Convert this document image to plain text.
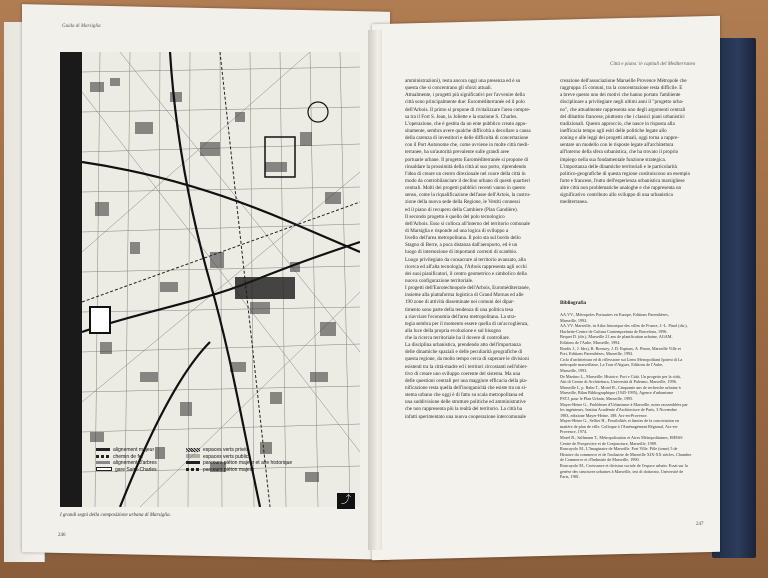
Guida di Marsiglia
alignement majeur
chemin de fer
alignement d'arbres
gare Saint-Charles
espaces verts privés
espaces verts publics
parcours piéton majeur et axe historique
parcours piéton majeur
⤴
I grandi segni della composizione urbana di Marsiglia.
246
Città e piano: le capitali del Mediterraneo
amministrazioni), resta ancora oggi una presenza ed è su
questa che si concentrano gli sforzi attuali.
Attualmente, i progetti più significativi per l'avvenire della
città sono principalmente due: Euroméditerranée ed il polo
dell'Arbois. Il primo si propone di rivitalizzare l'area compre-
sa tra il Fort S. Jean, la Joliette e la stazione S. Charles.
L'operazione, che è gestita da un ente pubblico creato appo-
sitamente, sembra avere qualche difficoltà a decollare a causa
della carenza di investitori e delle difficoltà di concertazione
con il Port Autonome che, come avviene in molte città medi-
terranee, ha un'autorità prevalente sulle grandi aree
portuarie urbane. Il progetto Euroméditerranée si propone di
rinsaldare la prossimità della città al suo porto, riprendendo
l'idea di creare un centro direzionale nel cuore della città in
modo da controbilanciare il declino urbano di questi quartieri
centrali. Molti dei progetti pubblici recenti vanno in questo
senso, come la riqualificazione dell'asse dell'Artois, la costru-
zione della nuova sede della Regione, le Vestiti connessi
ed il piano di recupero della Cambiere (Plan Gandière).
Il secondo progetto è quello del polo tecnologico
dell'Arbois. Esso si colloca all'interno del territorio comunale
di Marsiglia e risponde ad una logica di sviluppo a
livello dell'area metropolitana. Il polo sta sul bordo dello
Stagno di Berre, a poca distanza dall'aeroporto, ed è un
luogo di intersezione di importanti correnti di scambio.
Luogo privilegiato da consacrare al territorio avanzato, alla
ricerca ed all'alta tecnologia, l'Arbois rappresenta agli occhi
dei suoi pianificatori, il centro geometrico e simbolico della
nuova configurazione territoriale.
I progetti dell'Eurotechnopole dell'Arbois, Euroméditerranée,
insieme alla piattaforma logistica di Grand Mornas ed alle
190 zone di attività disseminate nei comuni dei dipar-
timento sono parte della tendenza di una politica tesa
a riavviare l'economia dell'area metropolitana. La stra-
tegia sembra per il momento essere quella di un'accoglienza,
alla luce della propria evoluzione e sul bisogno
che la ricerca territoriale ha il dovere di controllare.
La disciplina urbanistica, prendendo atto dell'importanza
delle dinamiche spaziali e delle peculiarità geografiche di
questa regione, da molto tempo cerca di superare le divisioni
esistenti tra la città-madre ed i territori circostanti nell'obiet-
tivo di creare uno sviluppo coerente del sistema. Ma una
delle questioni centrali per una maggiore efficacia della pia-
nificazione resta quella dell'inorganicità che esiste tra un si-
stema urbano che oggi è di fatto su scala metropolitana ed
una suddivisione delle strutture politiche ed amministrative
che non rappresenta più la realtà del territorio. La città ha
infatti sperimentato una nuova cooperazione intercomunale
creazione dell'associazione Marseille Provence Métropole che
raggruppa 15 comuni, tra la concentrazione resta difficile. E
a breve questo uno dei motivi che hanno portato l'ambiente
disciplinare a privilegiare negli ultimi anni il "progetto urba-
no", che attualmente rappresenta uno degli argomenti centrali
del dibattito francese, piuttosto che i classici piani urbanistici
tradizionali. Questo approccio, che nasce in risposta alla
inefficacia tempo agli esiti delle politiche legate allo
zoning e alle leggi dei progetti attuali, oggi torna a rappre-
sentare un modello con le risposte legate all'architettura
all'interno della sfera urbanistica, che ha trovato il proprio
impiego nella sua fondamentale funzione strategica.
L'importanza delle dinamiche territoriali e le particolarità
politico-geografiche di questa regione costituiscono un esempio
forte e francese, frutto dell'esperienza urbanistica marsigliese
altre città non problematiche analoghe e che rappresenta un
significativo contributo allo sviluppo di una urbanistica
mediterranea.
Bibliografia
AA.VV., Métropoles Portuaires en Europe, Editions Parenthèses,
Marseille, 1992.
AA.VV. Marseille, in Atlas historique des villes de France, J.-L. Pinol (dir.),
Hachette-Centre de Cultura Contemporània de Barcelona, 1996.
Bequet D. (dir.), Marseille 21 ans de planification urbaine, AGAM,
Editions de l'Aube, Marseille, 1994.
Bordis J., J. Idrs), B. Borruey, J. D. Espinas, A. Pinon, Marseille Ville et
Port, Editions Parenthèses, Marseille, 1992.
Ciclo d'architettura ed di riflessione sui Liens Metropolitani Ipotesi di La
métropole marseillaise, La Tour d'Aigues, Editions de l'Aube,
Marseille, 1993.
De Martino L., Marseille: Histoire, Port e Città. Un progetto per la città,
Atti di Centro di Architettura, Università di Palermo, Marseille, 1996.
Marseille I., p. Rabu T., Morel B., Cinquante ans de recherche urbaine à
Marseille, Bilan Bibliographique (1945-1995), Agence d'urbanisme
PSTJ, pour le Plan Urbain, Marseille, 1995.
Mayer-Heine G., Problèmes d'Urbanisme à Marseille, notes rassemblées par
les ingénieurs, Institut Académie d'Architecture de Paris, 3 Novembre
1983, edizione Mayer-Heine, 188. Ars-en-Provence.
Mayer-Heine G., Sellier H., Possibilités et limites de la concertation en
matière de plan de ville. Colloque à l'Aménagement Régional, Aix-en-
Provence, 1974.
Morel B., Sallmann T., Métropolisation et Aires Métropolitaines, EHESS
Centre de Prospective et de Conjoncture, Marseille, 1989.
Roncayolo M., L'Imaginaire de Marseille. Port Ville. Pôle (tome) 5 de
Histoire du commerce et de l'industrie de Marseille XIX-XX siècles, Chambre
de Commerce et d'Industrie de Marseille, 1990.
Roncayolo M., Croissance et division sociale de l'espace urbain. Essai sur la
genèse des structures urbaines à Marseille, tesi di dottorato, Université de
Paris, 1981.
247
